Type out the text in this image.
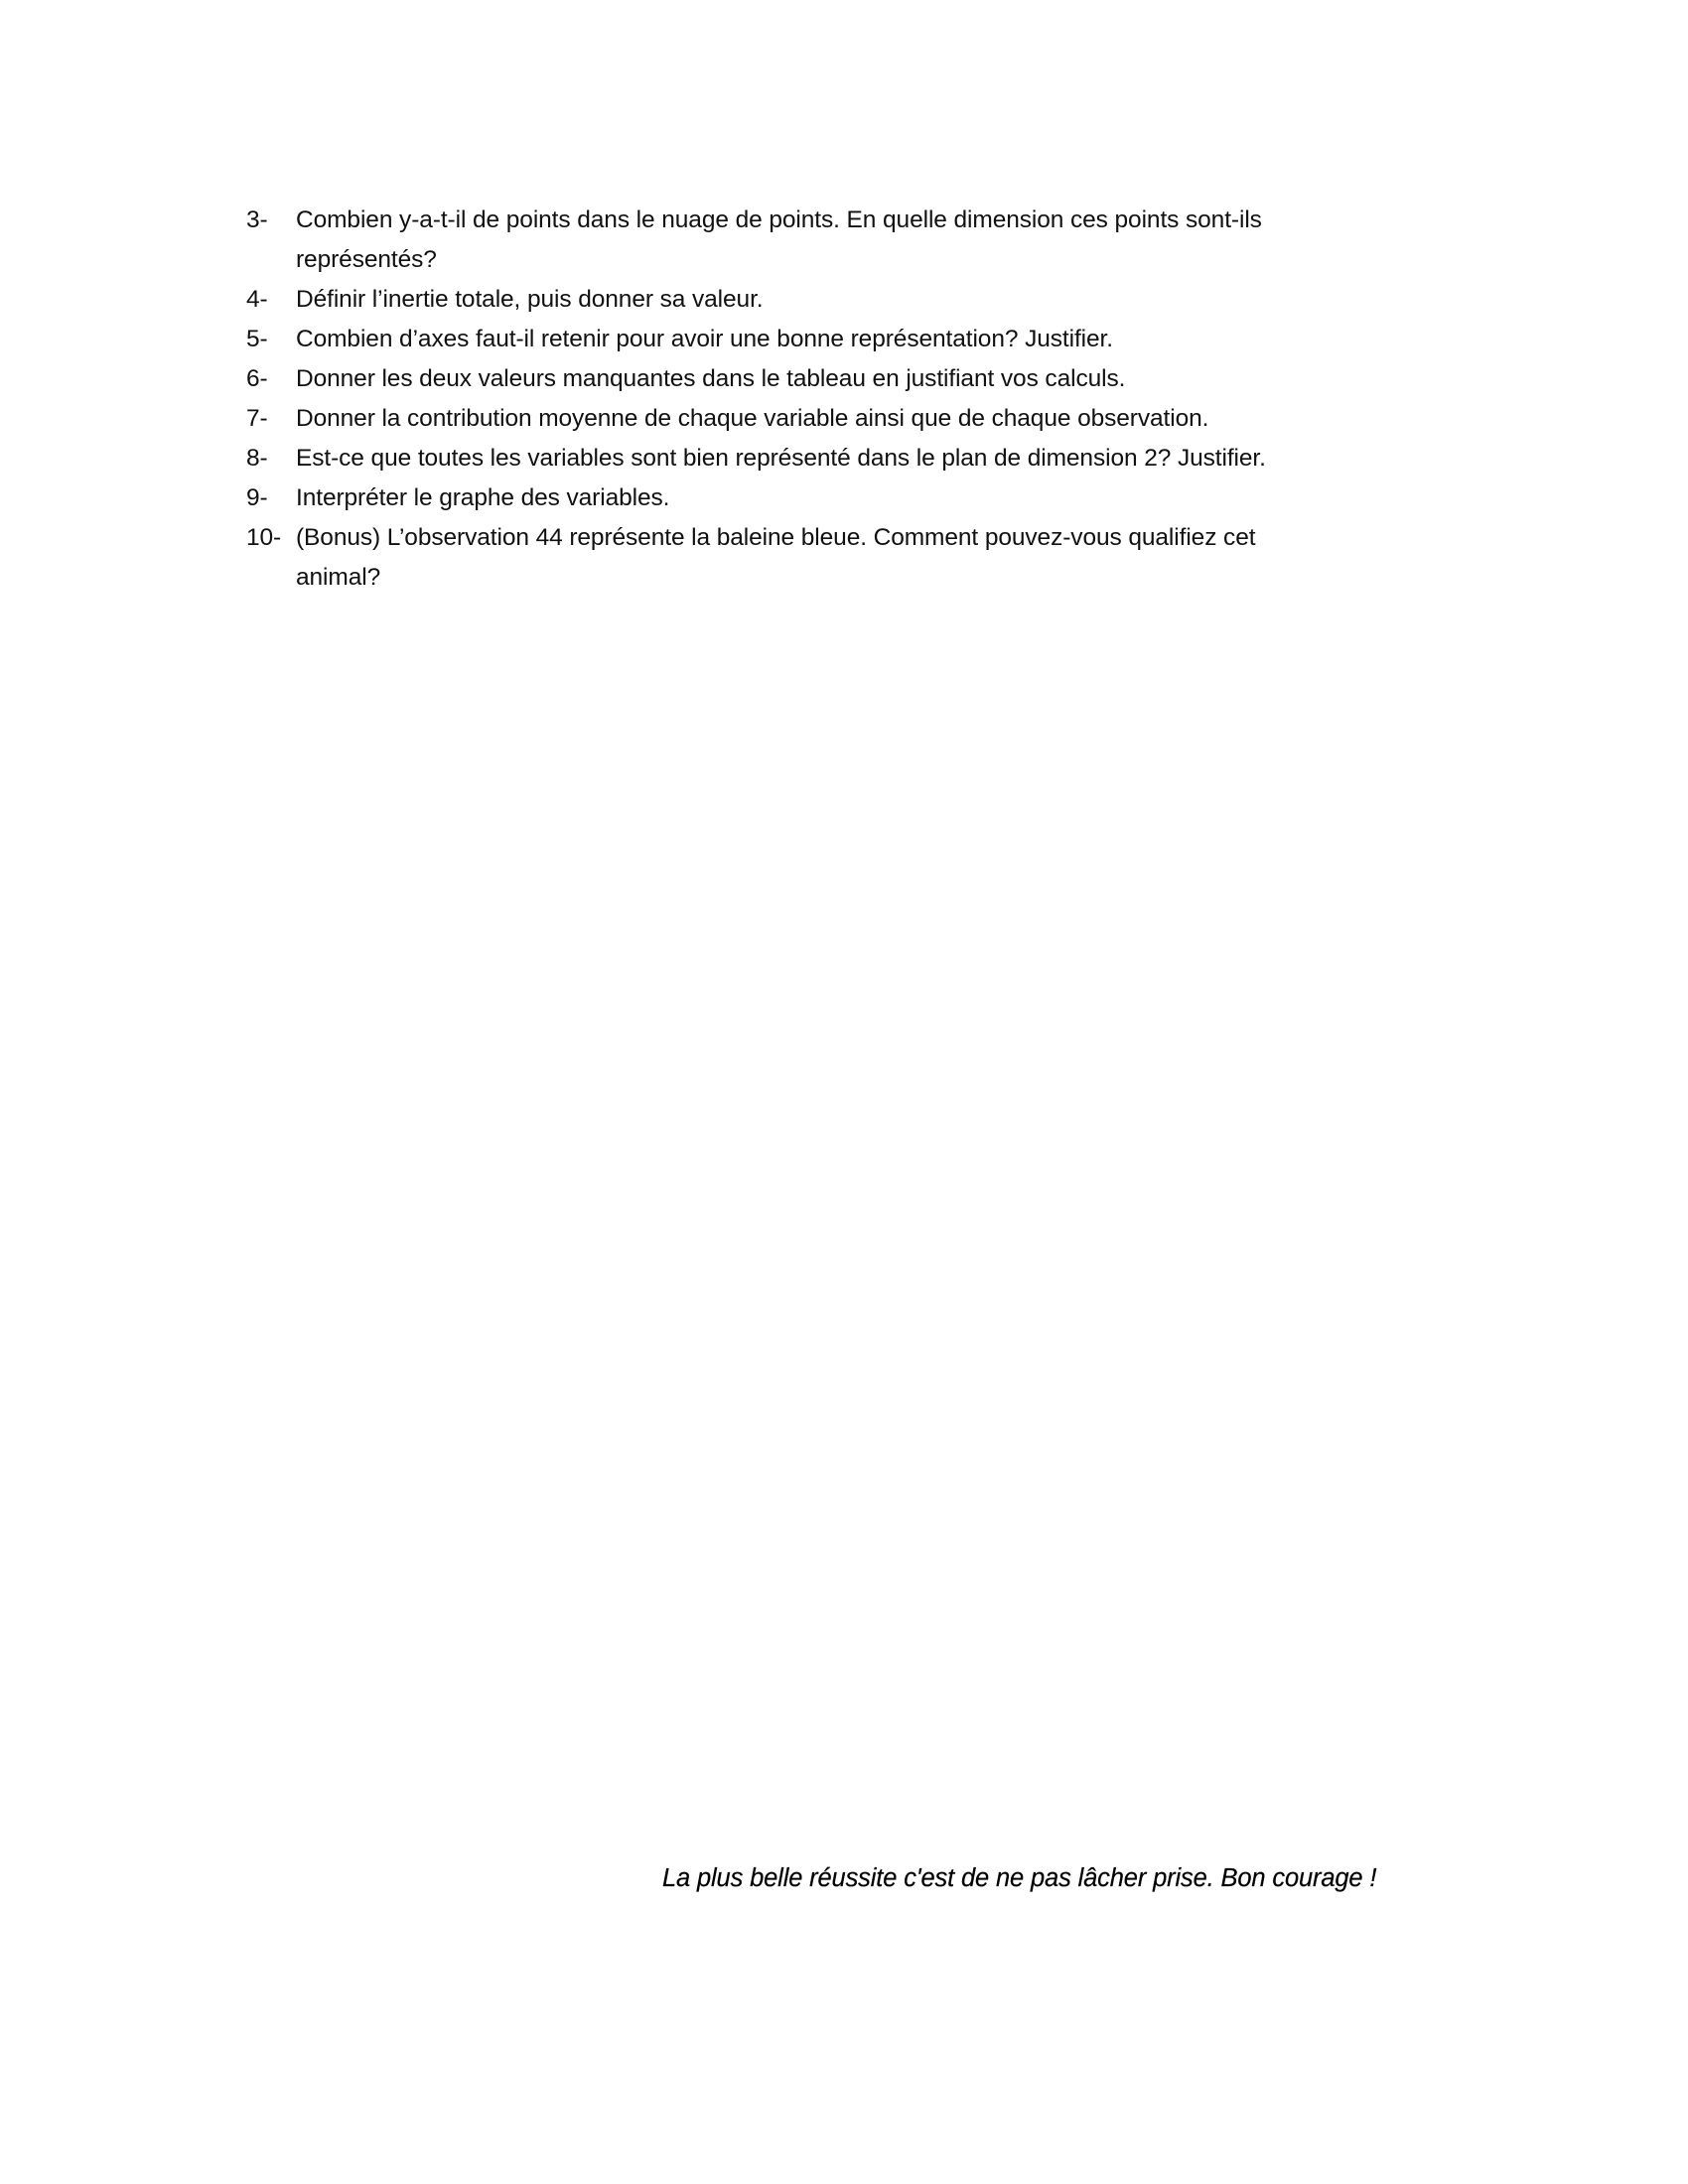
3-	Combien y-a-t-il de points dans le nuage de points. En quelle dimension ces points sont-ils
représentés?
4-	Définir l’inertie totale, puis donner sa valeur.
5-	Combien d’axes faut-il retenir pour avoir une bonne représentation? Justifier.
6-	Donner les deux valeurs manquantes dans le tableau en justifiant vos calculs.
7-	Donner la contribution moyenne de chaque variable ainsi que de chaque observation.
8-	Est-ce que toutes les variables sont bien représenté dans le plan de dimension 2? Justifier.
9-	Interpréter le graphe des variables.
10- (Bonus) L’observation 44 représente la baleine bleue. Comment pouvez-vous qualifiez cet
animal?
La plus belle réussite c'est de ne pas lâcher prise. Bon courage !
